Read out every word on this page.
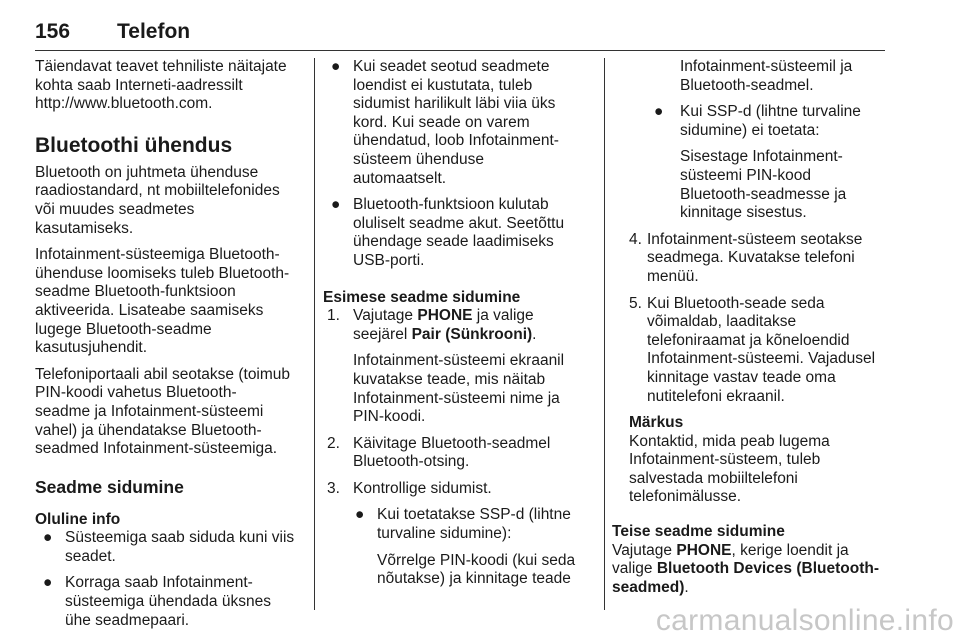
156 Telefon

Täiendavat teavet tehniliste näitajate
kohta saab Interneti-aadressilt
http://www.bluetooth.com.

Bluetoothi ühendus

Bluetooth on juhtmeta ühenduse
raadiostandard, nt mobiiltelefonides
või muudes seadmetes
kasutamiseks.

Infotainment-süsteemiga Bluetooth-
ühenduse loomiseks tuleb Bluetooth-
seadme Bluetooth-funktsioon
aktiveerida. Lisateabe saamiseks
lugege Bluetooth-seadme
kasutusjuhendit.

Telefoniportaali abil seotakse (toimub
PIN-koodi vahetus Bluetooth-
seadme ja Infotainment-süsteemi
vahel) ja ühendatakse Bluetooth-
seadmed Infotainment-süsteemiga.

Seadme sidumine

Oluline info

● Süsteemiga saab siduda kuni viis
seadet.
● Korraga saab Infotainment-
süsteemiga ühendada üksnes
ühe seadmepaari.
● Kui seadet seotud seadmete
loendist ei kustutata, tuleb
sidumist harilikult läbi viia üks
kord. Kui seade on varem
ühendatud, loob Infotainment-
süsteem ühenduse
automaatselt.
● Bluetooth-funktsioon kulutab
oluliselt seadme akut. Seetõttu
ühendage seade laadimiseks
USB-porti.

Esimese seadme sidumine

1. Vajutage PHONE ja valige
seejärel Pair (Sünkrooni).

Infotainment-süsteemi ekraanil
kuvatakse teade, mis näitab
Infotainment-süsteemi nime ja
PIN-koodi.

2. Käivitage Bluetooth-seadmel
Bluetooth-otsing.
3. Kontrollige sidumist.
● Kui toetatakse SSP-d (lihtne
turvaline sidumine):

Võrrelge PIN-koodi (kui seda
nõutakse) ja kinnitage teade

Infotainment-süsteemil ja
Bluetooth-seadmel.

● Kui SSP-d (lihtne turvaline
sidumine) ei toetata:

Sisestage Infotainment-
süsteemi PIN-kood
Bluetooth-seadmesse ja
kinnitage sisestus.

4. Infotainment-süsteem seotakse
seadmega. Kuvatakse telefoni
menüü.
5. Kui Bluetooth-seade seda
võimaldab, laaditakse
telefoniraamat ja kõneloendid
Infotainment-süsteemi. Vajadusel
kinnitage vastav teade oma
nutitelefoni ekraanil.

Märkus

Kontaktid, mida peab lugema
Infotainment-süsteem, tuleb
salvestada mobiiltelefoni
telefonimälusse.

Teise seadme sidumine

Vajutage PHONE, kerige loendit ja
valige Bluetooth Devices (Bluetooth-
seadmed).

carmanualsonline.info
